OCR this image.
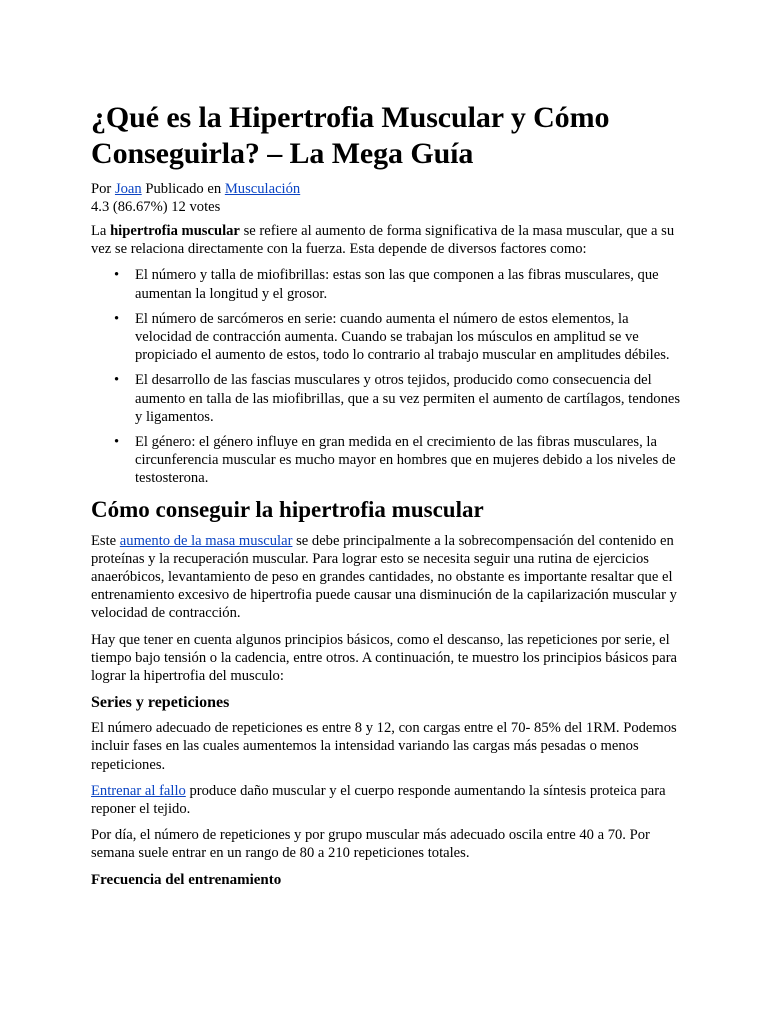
¿Qué es la Hipertrofia Muscular y Cómo Conseguirla? – La Mega Guía
Por Joan Publicado en Musculación
4.3 (86.67%) 12 votes

La hipertrofia muscular se refiere al aumento de forma significativa de la masa muscular, que a su vez se relaciona directamente con la fuerza. Esta depende de diversos factores como:

• El número y talla de miofibrillas: estas son las que componen a las fibras musculares, que aumentan la longitud y el grosor.
• El número de sarcómeros en serie: cuando aumenta el número de estos elementos, la velocidad de contracción aumenta. Cuando se trabajan los músculos en amplitud se ve propiciado el aumento de estos, todo lo contrario al trabajo muscular en amplitudes débiles.
• El desarrollo de las fascias musculares y otros tejidos, producido como consecuencia del aumento en talla de las miofibrillas, que a su vez permiten el aumento de cartílagos, tendones y ligamentos.
• El género: el género influye en gran medida en el crecimiento de las fibras musculares, la circunferencia muscular es mucho mayor en hombres que en mujeres debido a los niveles de testosterona.
Cómo conseguir la hipertrofia muscular

Este aumento de la masa muscular se debe principalmente a la sobrecompensación del contenido en proteínas y la recuperación muscular. Para lograr esto se necesita seguir una rutina de ejercicios anaeróbicos, levantamiento de peso en grandes cantidades, no obstante es importante resaltar que el entrenamiento excesivo de hipertrofia puede causar una disminución de la capilarización muscular y velocidad de contracción.

Hay que tener en cuenta algunos principios básicos, como el descanso, las repeticiones por serie, el tiempo bajo tensión o la cadencia, entre otros. A continuación, te muestro los principios básicos para lograr la hipertrofia del musculo:

Series y repeticiones

El número adecuado de repeticiones es entre 8 y 12, con cargas entre el 70- 85% del 1RM. Podemos incluir fases en las cuales aumentemos la intensidad variando las cargas más pesadas o menos repeticiones.

Entrenar al fallo produce daño muscular y el cuerpo responde aumentando la síntesis proteica para reponer el tejido.

Por día, el número de repeticiones y por grupo muscular más adecuado oscila entre 40 a 70. Por semana suele entrar en un rango de 80 a 210 repeticiones totales.

Frecuencia del entrenamiento
